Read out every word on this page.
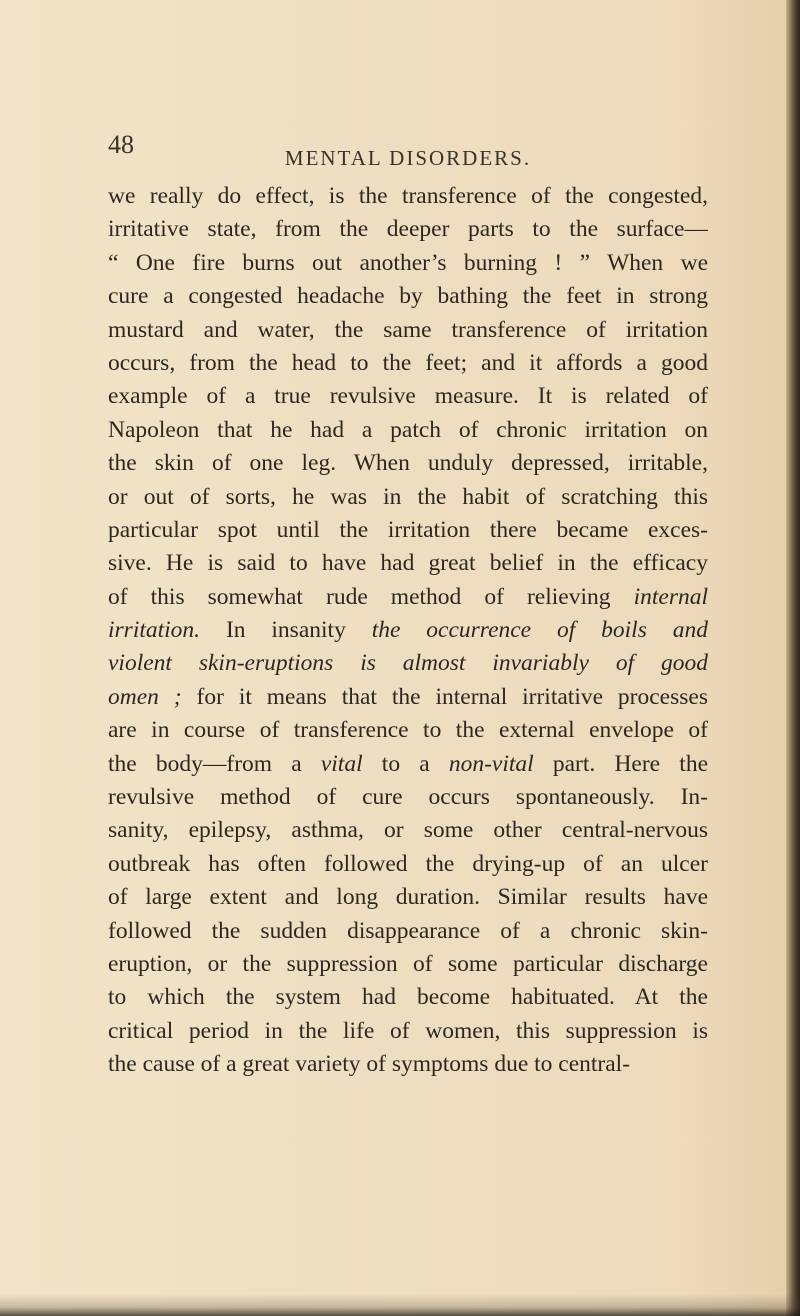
48	MENTAL DISORDERS.
we really do effect, is the transference of the congested,
irritative state, from the deeper parts to the surface—
“ One fire burns out another’s burning ! ” When we
cure a congested headache by bathing the feet in strong
mustard and water, the same transference of irritation
occurs, from the head to the feet; and it affords a good
example of a true revulsive measure. It is related of
Napoleon that he had a patch of chronic irritation on
the skin of one leg. When unduly depressed, irritable,
or out of sorts, he was in the habit of scratching this
particular spot until the irritation there became exces-
sive. He is said to have had great belief in the efficacy
of this somewhat rude method of relieving internal
irritation. In insanity the occurrence of boils and
violent skin-eruptions is almost invariably of good
omen ; for it means that the internal irritative processes
are in course of transference to the external envelope of
the body—from a vital to a non-vital part. Here the
revulsive method of cure occurs spontaneously. In-
sanity, epilepsy, asthma, or some other central-nervous
outbreak has often followed the drying-up of an ulcer
of large extent and long duration. Similar results have
followed the sudden disappearance of a chronic skin-
eruption, or the suppression of some particular discharge
to which the system had become habituated. At the
critical period in the life of women, this suppression is
the cause of a great variety of symptoms due to central-
